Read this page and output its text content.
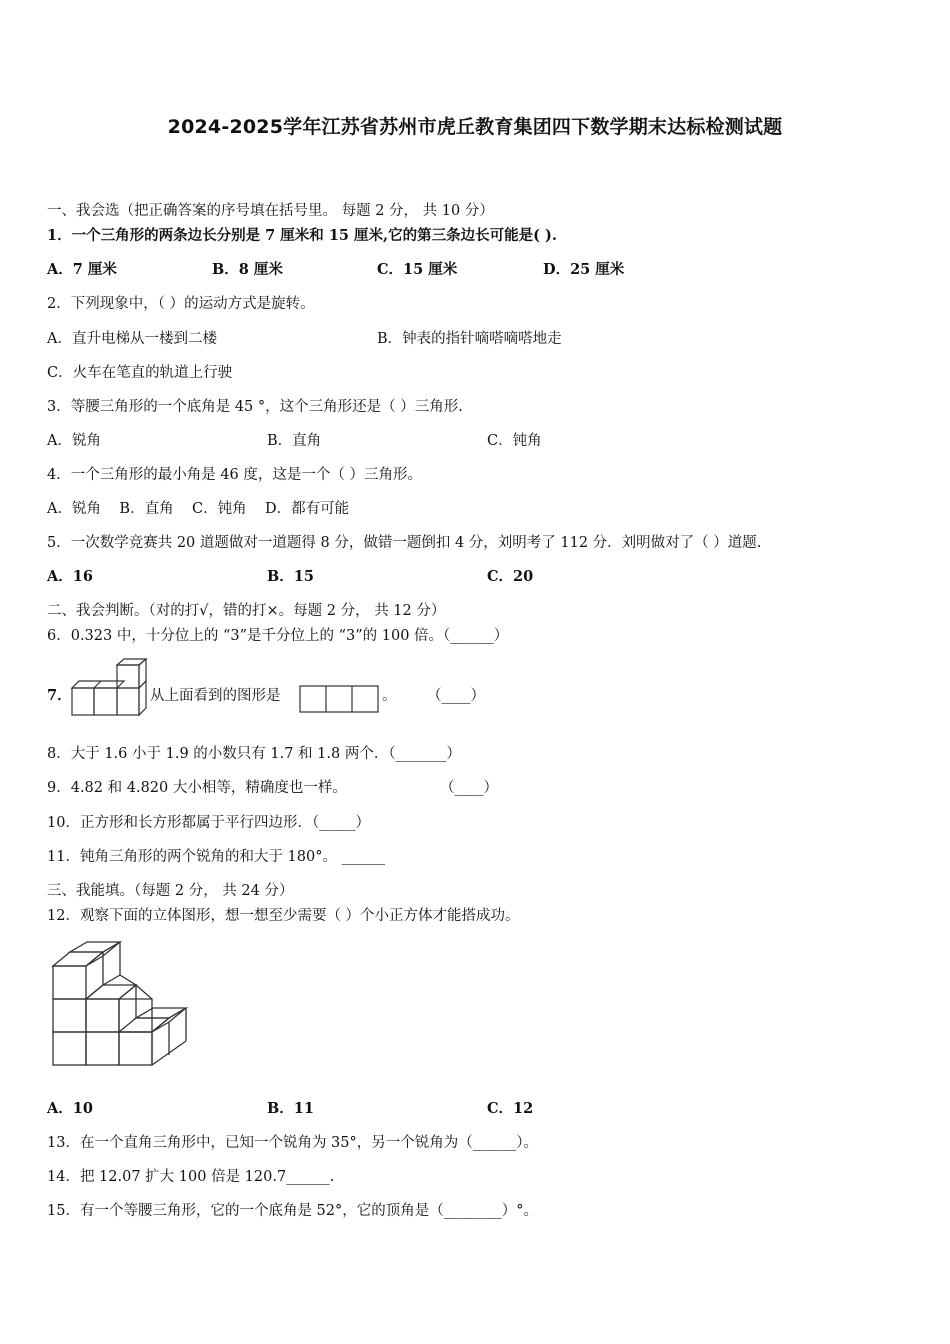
2024-2025学年江苏省苏州市虎丘教育集团四下数学期末达标检测试题
一、我会选（把正确答案的序号填在括号里。 每题 2 分， 共 10 分）
1．一个三角形的两条边长分别是 7 厘米和 15 厘米,它的第三条边长可能是( ).
A．7 厘米	B．8 厘米	C．15 厘米	D．25 厘米
2．下列现象中，（ ）的运动方式是旋转。
A．直升电梯从一楼到二楼	B．钟表的指针嘀嗒嘀嗒地走
C．火车在笔直的轨道上行驶
3．等腰三角形的一个底角是 45 °，这个三角形还是（ ）三角形.
A．锐角	B．直角	C．钝角
4．一个三角形的最小角是 46 度，这是一个（ ）三角形。
A．锐角    B．直角    C．钝角    D．都有可能
5．一次数学竞赛共 20 道题做对一道题得 8 分，做错一题倒扣 4 分，刘明考了 112 分．刘明做对了（ ）道题.
A．16	B．15	C．20
二、我会判断。（对的打√，错的打×。每题 2 分， 共 12 分）
6．0.323 中，十分位上的 “3”是千分位上的 “3”的 100 倍。（______）
7．	从上面看到的图形是	。 （____）
8．大于 1.6 小于 1.9 的小数只有 1.7 和 1.8 两个．（_______）
9．4.82 和 4.820 大小相等，精确度也一样。	（____）
10．正方形和长方形都属于平行四边形．（_____）
11．钝角三角形的两个锐角的和大于 180°。 ______
三、我能填。（每题 2 分， 共 24 分）
12．观察下面的立体图形，想一想至少需要（ ）个小正方体才能搭成功。
A．10	B．11	C．12
13．在一个直角三角形中，已知一个锐角为 35°，另一个锐角为（______）。
14．把 12.07 扩大 100 倍是 120.7______.
15．有一个等腰三角形，它的一个底角是 52°，它的顶角是（________）°。
